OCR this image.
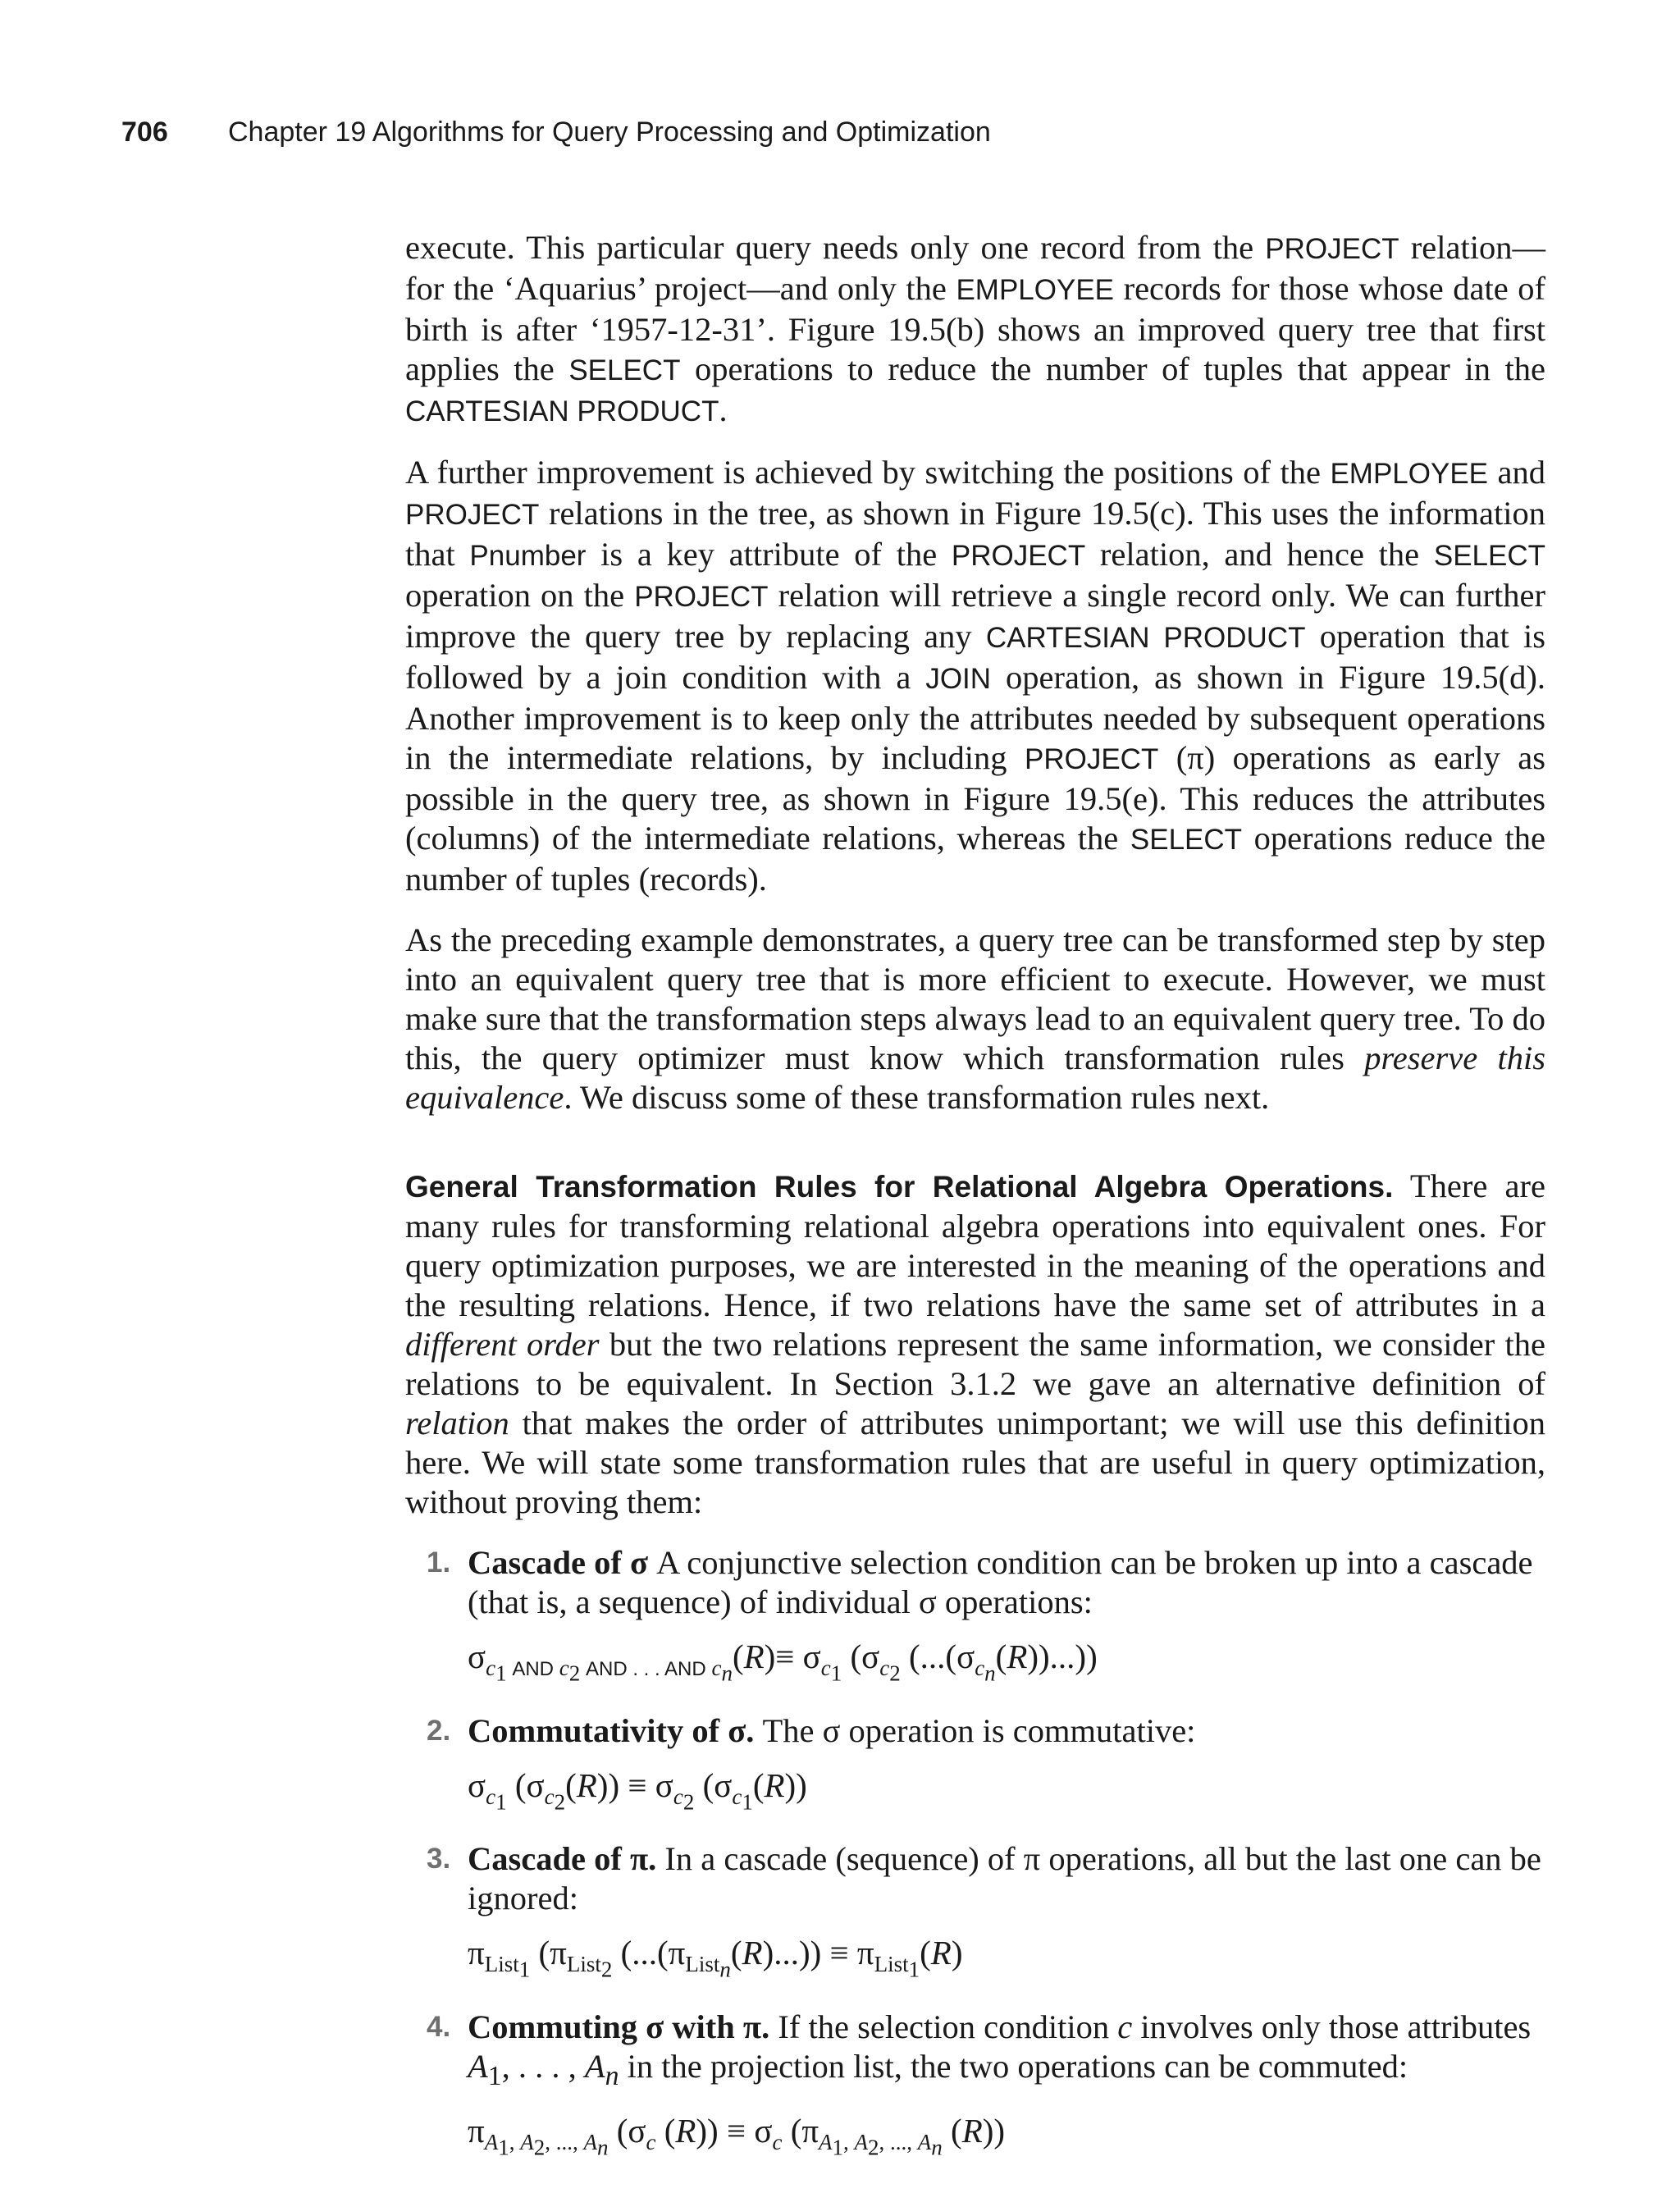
706 Chapter 19 Algorithms for Query Processing and Optimization

execute. This particular query needs only one record from the PROJECT relation—for the ‘Aquarius’ project—and only the EMPLOYEE records for those whose date of birth is after ‘1957-12-31’. Figure 19.5(b) shows an improved query tree that first applies the SELECT operations to reduce the number of tuples that appear in the CARTESIAN PRODUCT.

A further improvement is achieved by switching the positions of the EMPLOYEE and PROJECT relations in the tree, as shown in Figure 19.5(c). This uses the information that Pnumber is a key attribute of the PROJECT relation, and hence the SELECT operation on the PROJECT relation will retrieve a single record only. We can further improve the query tree by replacing any CARTESIAN PRODUCT operation that is followed by a join condition with a JOIN operation, as shown in Figure 19.5(d). Another improvement is to keep only the attributes needed by subsequent operations in the intermediate relations, by including PROJECT (π) operations as early as possible in the query tree, as shown in Figure 19.5(e). This reduces the attributes (columns) of the intermediate relations, whereas the SELECT operations reduce the number of tuples (records).

As the preceding example demonstrates, a query tree can be transformed step by step into an equivalent query tree that is more efficient to execute. However, we must make sure that the transformation steps always lead to an equivalent query tree. To do this, the query optimizer must know which transformation rules preserve this equivalence. We discuss some of these transformation rules next.

General Transformation Rules for Relational Algebra Operations. There are many rules for transforming relational algebra operations into equivalent ones. For query optimization purposes, we are interested in the meaning of the operations and the resulting relations. Hence, if two relations have the same set of attributes in a different order but the two relations represent the same information, we consider the relations to be equivalent. In Section 3.1.2 we gave an alternative definition of relation that makes the order of attributes unimportant; we will use this definition here. We will state some transformation rules that are useful in query optimization, without proving them:

1. Cascade of σ A conjunctive selection condition can be broken up into a cascade (that is, a sequence) of individual σ operations:
$\sigma_{c_1 AND c_2 AND . . . AND c_n}(R)\equiv \sigma_{c_1}$ ($\sigma_{c_2}$ $(...(\sigma_{c_n}(R))...)$)
2. Commutativity of σ. The σ operation is commutative:
$\sigma_{c_1}$ $(\sigma_{c_2}(R)) \equiv \sigma_{c_2}$ $(\sigma_{c_1}(R))$
3. Cascade of π. In a cascade (sequence) of π operations, all but the last one can be ignored:
$\pi_{List_1}$ ($\pi_{List_2}$ $(...(\pi_{List_n}(R)...)) \equiv \pi_{List_1}(R)$
4. Commuting σ with π. If the selection condition c involves only those attributes $A_1$, . . . , $A_n$ in the projection list, the two operations can be commuted:
$\pi_{A_1, A_2, ..., A_n}$ ($\sigma_c$ $(R)) \equiv \sigma_c$ ($\pi_{A_1, A_2, ..., A_n}$ (R))
